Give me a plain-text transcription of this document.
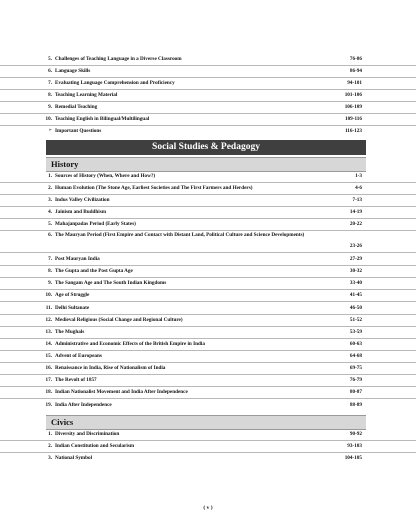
5. Challenges of Teaching Language in a Diverse Classroom	76-86
6. Language Skills	86-94
7. Evaluating Language Comprehension and Proficiency	94-101
8. Teaching Learning Material	101-106
9. Remedial Teaching	106-109
10. Teaching English in Bilingual/Multilingual	109-116
➢ Important Questions	116-123
Social Studies & Pedagogy
History
1. Sources of History (When, Where and How?)	1-3
2. Human Evolution (The Stone Age, Earliest Societies and The First Farmers and Herders)	4-6
3. Indus Valley Civilization	7-13
4. Jainism and Buddhism	14-19
5. Mahajanpadas Period (Early States)	20-22
6. The Mauryan Period (First Empire and Contact with Distant Land, Political Culture and Science Developments)
23-26
7. Post Mauryan India	27-29
8. The Gupta and the Post Gupta Age	30-32
9. The Sangam Age and The South Indian Kingdoms	33-40
10. Age of Struggle	41-45
11. Delhi Sultanate	46-50
12. Medieval Religious (Social Change and Regional Culture)	51-52
13. The Mughals	53-59
14. Administrative and Economic Effects of the British Empire in India	60-63
15. Advent of Europeans	64-68
16. Renaissance in India, Rise of Nationalism of India	69-75
17. The Revolt of 1857	76-79
18. Indian Nationalist Movement and India After Independence	80-87
19. India After Independence	88-89
Civics
1. Diversity and Discrimination	90-92
2. Indian Constitution and Secularism	93-103
3. National Symbol	104-105
( v )
